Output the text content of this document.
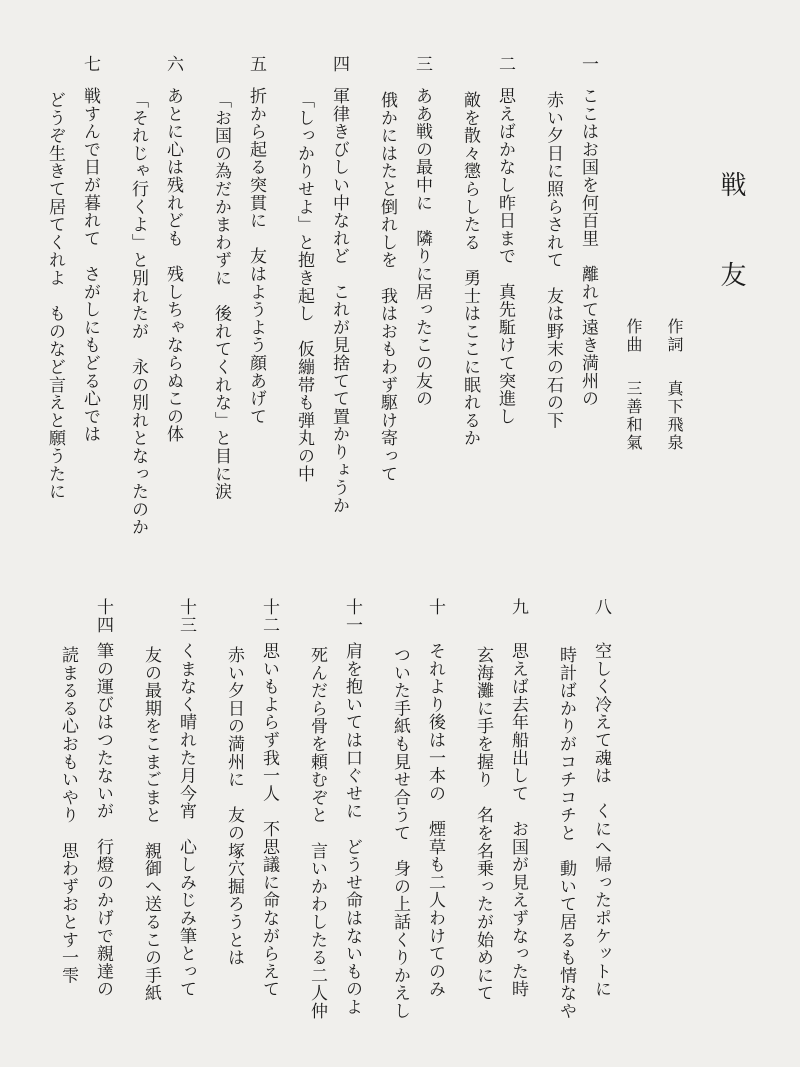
戦　友
作詞真下飛泉
作曲三善和氣
一ここはお国を何百里　離れて遠き満州の
赤い夕日に照らされて　友は野末の石の下
二思えばかなし昨日まで　真先駈けて突進し
敵を散々懲らしたる　勇士はここに眠れるか
三ああ戦の最中に　隣りに居ったこの友の
俄かにはたと倒れしを　我はおもわず駆け寄って
四軍律きびしい中なれど　これが見捨てて置かりょうか
「しっかりせよ」と抱き起し　仮繃帯も弾丸の中
五折から起る突貫に　友はようよう顔あげて
「お国の為だかまわずに　後れてくれな」と目に涙
六あとに心は残れども　残しちゃならぬこの体
「それじゃ行くよ」と別れたが　永の別れとなったのか
七戦すんで日が暮れて　さがしにもどる心では
どうぞ生きて居てくれよ　ものなど言えと願うたに
八空しく冷えて魂は　くにへ帰ったポケットに
時計ばかりがコチコチと　動いて居るも情なや
九思えば去年船出して　お国が見えずなった時
玄海灘に手を握り　名を名乗ったが始めにて
十それより後は一本の　煙草も二人わけてのみ
ついた手紙も見せ合うて　身の上話くりかえし
十一肩を抱いては口ぐせに　どうせ命はないものよ
死んだら骨を頼むぞと　言いかわしたる二人仲
十二思いもよらず我一人　不思議に命ながらえて
赤い夕日の満州に　友の塚穴掘ろうとは
十三くまなく晴れた月今宵　心しみじみ筆とって
友の最期をこまごまと　親御へ送るこの手紙
十四筆の運びはつたないが　行燈のかげで親達の
読まるる心おもいやり　思わずおとす一雫
